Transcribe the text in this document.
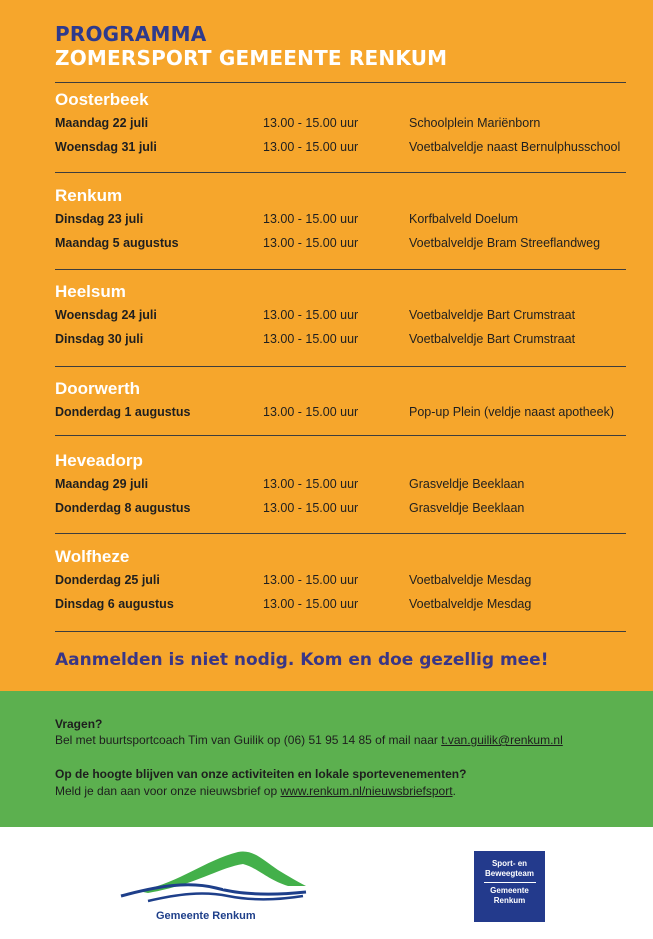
PROGRAMMA
ZOMERSPORT GEMEENTE RENKUM
Oosterbeek
Maandag 22 juli	13.00 - 15.00 uur	Schoolplein Mariënborn
Woensdag 31 juli	13.00 - 15.00 uur	Voetbalveldje naast Bernulphusschool
Renkum
Dinsdag 23 juli	13.00 - 15.00 uur	Korfbalveld Doelum
Maandag 5 augustus	13.00 - 15.00 uur	Voetbalveldje Bram Streeflandweg
Heelsum
Woensdag 24 juli	13.00 - 15.00 uur	Voetbalveldje Bart Crumstraat
Dinsdag 30 juli	13.00 - 15.00 uur	Voetbalveldje Bart Crumstraat
Doorwerth
Donderdag 1 augustus	13.00 - 15.00 uur	Pop-up Plein (veldje naast apotheek)
Heveadorp
Maandag 29 juli	13.00 - 15.00 uur	Grasveldje Beeklaan
Donderdag 8 augustus	13.00 - 15.00 uur	Grasveldje Beeklaan
Wolfheze
Donderdag 25 juli	13.00 - 15.00 uur	Voetbalveldje Mesdag
Dinsdag 6 augustus	13.00 - 15.00 uur	Voetbalveldje Mesdag
Aanmelden is niet nodig. Kom en doe gezellig mee!
Vragen?
Bel met buurtsportcoach Tim van Guilik op (06) 51 95 14 85 of mail naar t.van.guilik@renkum.nl
Op de hoogte blijven van onze activiteiten en lokale sportevenementen?
Meld je dan aan voor onze nieuwsbrief op www.renkum.nl/nieuwsbriefsport.
Gemeente Renkum
Sport- en
Beweegteam
Gemeente
Renkum
